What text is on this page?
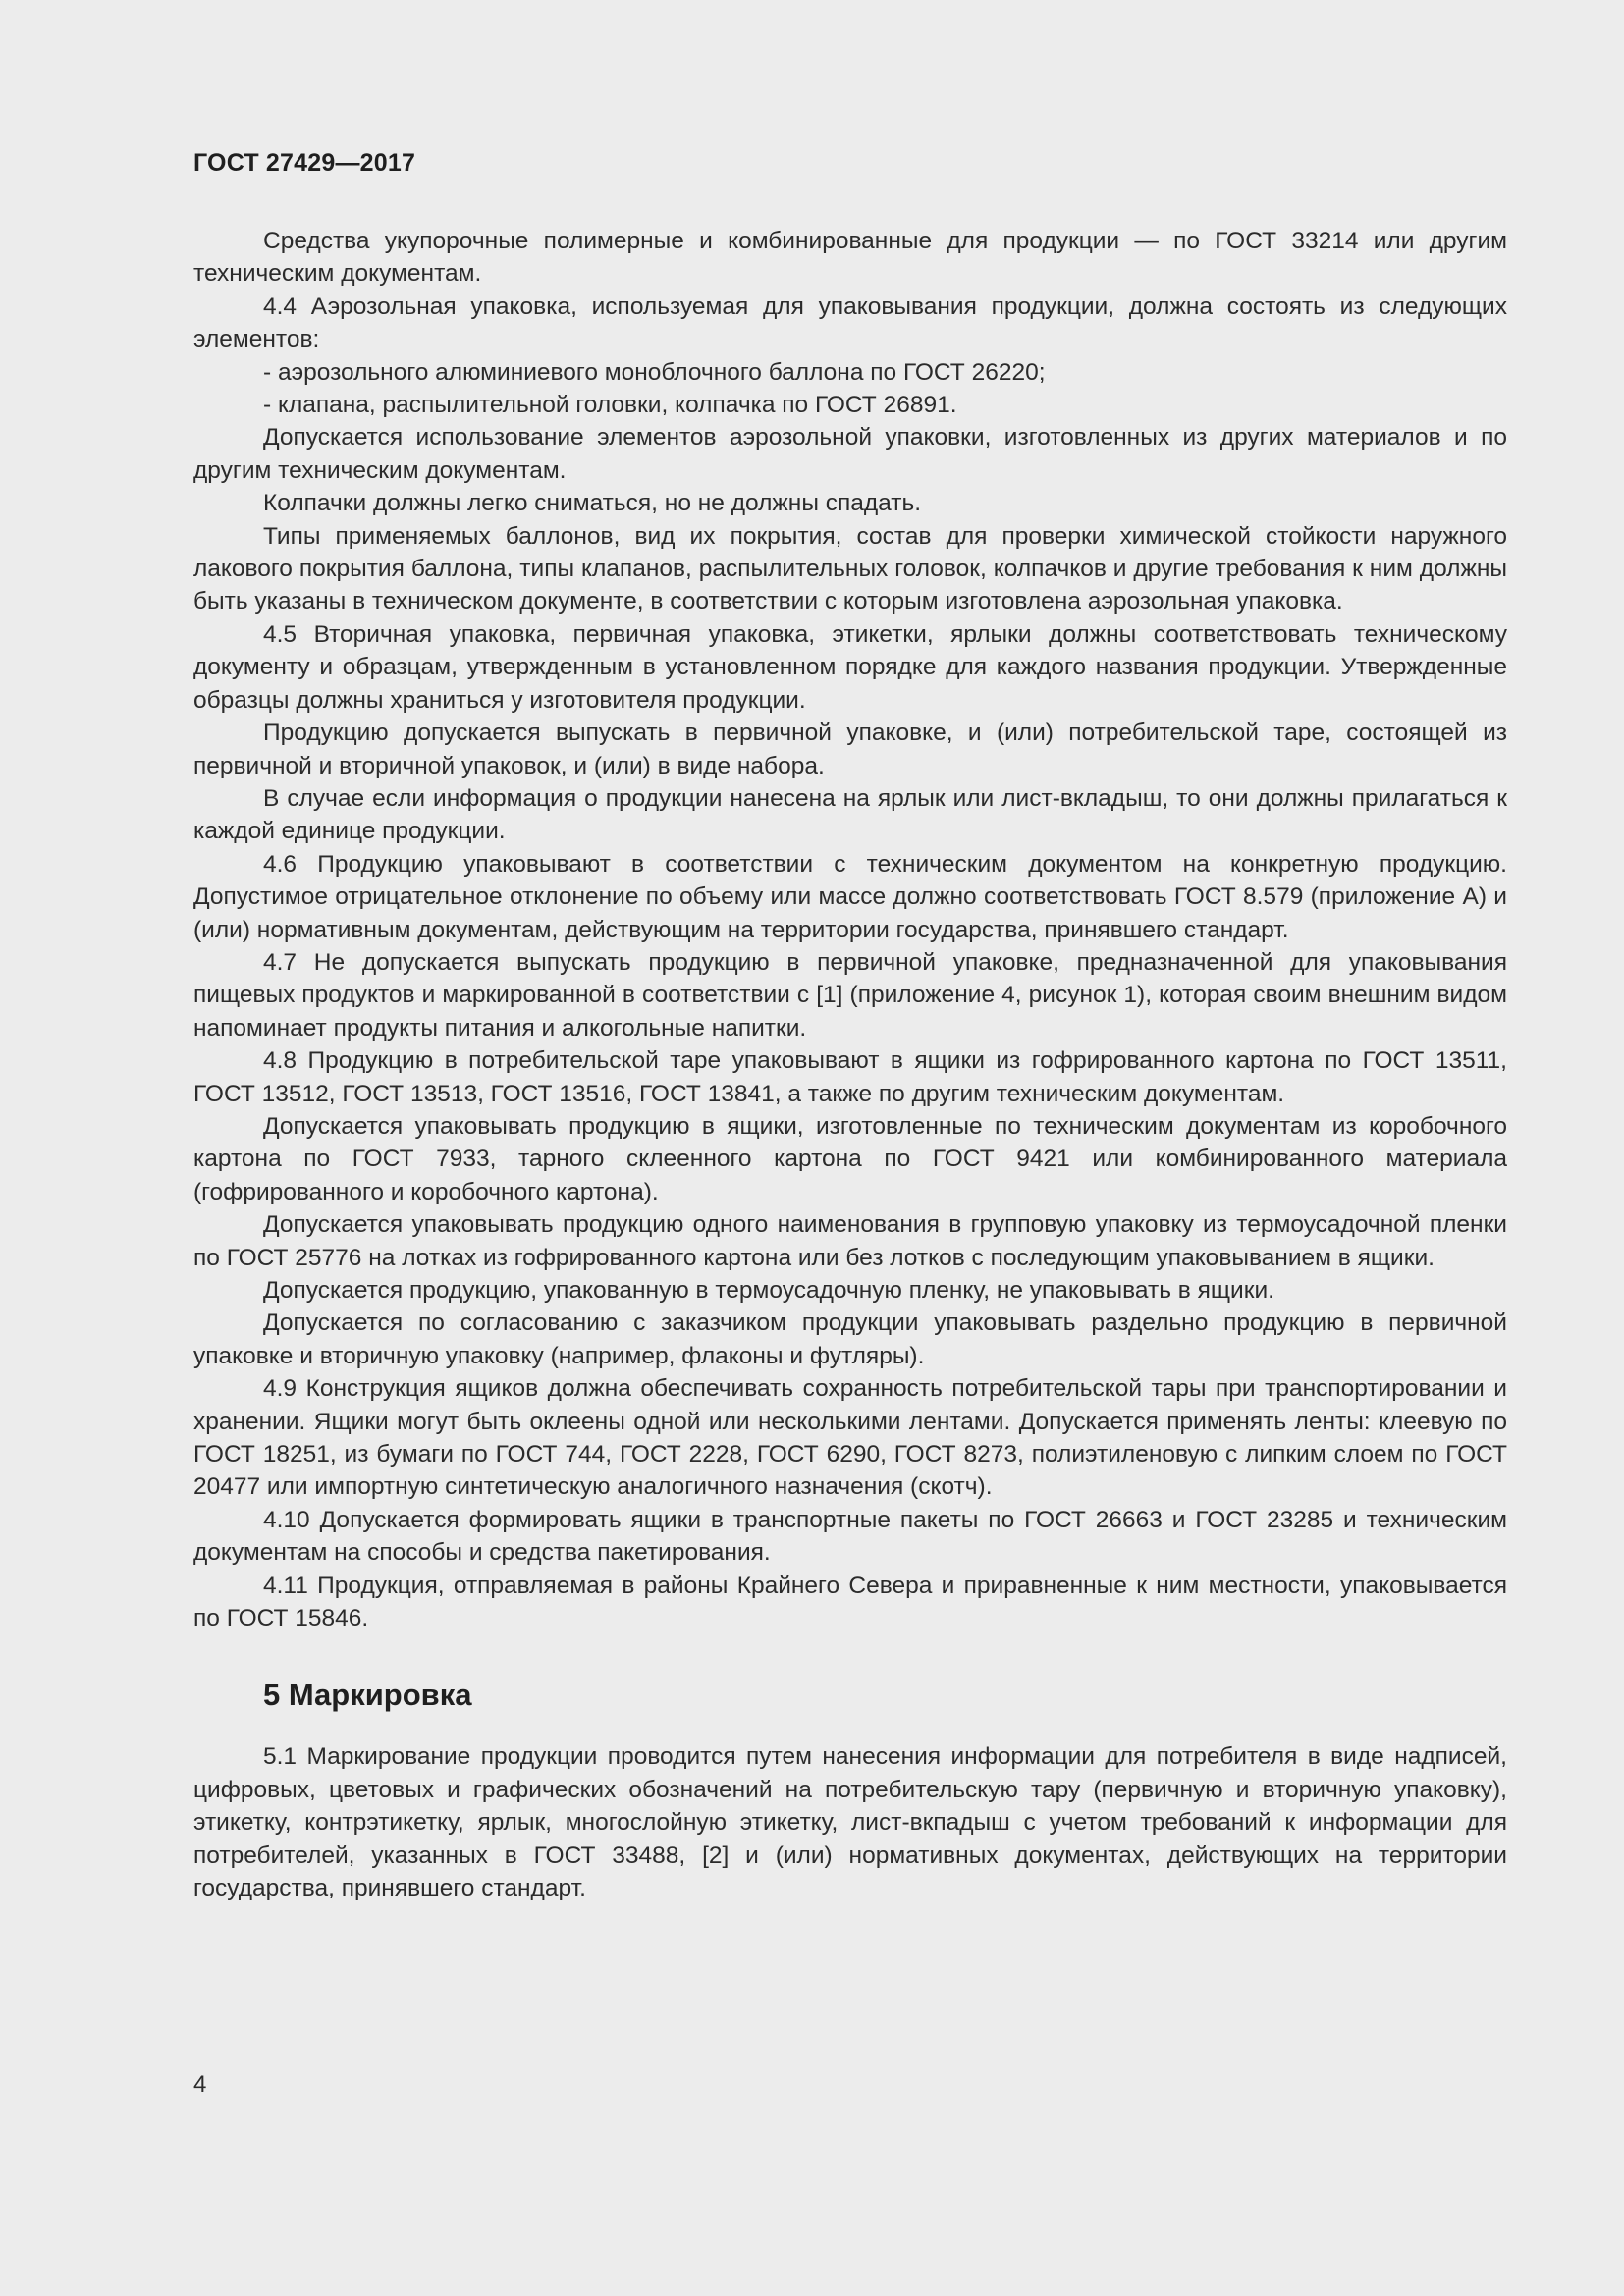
ГОСТ 27429—2017

Средства укупорочные полимерные и комбинированные для продукции — по ГОСТ 33214 или другим техническим документам.

4.4 Аэрозольная упаковка, используемая для упаковывания продукции, должна состоять из следующих элементов:

- аэрозольного алюминиевого моноблочного баллона по ГОСТ 26220;

- клапана, распылительной головки, колпачка по ГОСТ 26891.

Допускается использование элементов аэрозольной упаковки, изготовленных из других материалов и по другим техническим документам.

Колпачки должны легко сниматься, но не должны спадать.

Типы применяемых баллонов, вид их покрытия, состав для проверки химической стойкости наружного лакового покрытия баллона, типы клапанов, распылительных головок, колпачков и другие требования к ним должны быть указаны в техническом документе, в соответствии с которым изготовлена аэрозольная упаковка.

4.5 Вторичная упаковка, первичная упаковка, этикетки, ярлыки должны соответствовать техническому документу и образцам, утвержденным в установленном порядке для каждого названия продукции. Утвержденные образцы должны храниться у изготовителя продукции.

Продукцию допускается выпускать в первичной упаковке, и (или) потребительской таре, состоящей из первичной и вторичной упаковок, и (или) в виде набора.

В случае если информация о продукции нанесена на ярлык или лист-вкладыш, то они должны прилагаться к каждой единице продукции.

4.6 Продукцию упаковывают в соответствии с техническим документом на конкретную продукцию. Допустимое отрицательное отклонение по объему или массе должно соответствовать ГОСТ 8.579 (приложение А) и (или) нормативным документам, действующим на территории государства, принявшего стандарт.

4.7 Не допускается выпускать продукцию в первичной упаковке, предназначенной для упаковывания пищевых продуктов и маркированной в соответствии с [1] (приложение 4, рисунок 1), которая своим внешним видом напоминает продукты питания и алкогольные напитки.

4.8 Продукцию в потребительской таре упаковывают в ящики из гофрированного картона по ГОСТ 13511, ГОСТ 13512, ГОСТ 13513, ГОСТ 13516, ГОСТ 13841, а также по другим техническим документам.

Допускается упаковывать продукцию в ящики, изготовленные по техническим документам из коробочного картона по ГОСТ 7933, тарного склеенного картона по ГОСТ 9421 или комбинированного материала (гофрированного и коробочного картона).

Допускается упаковывать продукцию одного наименования в групповую упаковку из термоусадочной пленки по ГОСТ 25776 на лотках из гофрированного картона или без лотков с последующим упаковыванием в ящики.

Допускается продукцию, упакованную в термоусадочную пленку, не упаковывать в ящики.

Допускается по согласованию с заказчиком продукции упаковывать раздельно продукцию в первичной упаковке и вторичную упаковку (например, флаконы и футляры).

4.9 Конструкция ящиков должна обеспечивать сохранность потребительской тары при транспортировании и хранении. Ящики могут быть оклеены одной или несколькими лентами. Допускается применять ленты: клеевую по ГОСТ 18251, из бумаги по ГОСТ 744, ГОСТ 2228, ГОСТ 6290, ГОСТ 8273, полиэтиленовую с липким слоем по ГОСТ 20477 или импортную синтетическую аналогичного назначения (скотч).

4.10 Допускается формировать ящики в транспортные пакеты по ГОСТ 26663 и ГОСТ 23285 и техническим документам на способы и средства пакетирования.

4.11 Продукция, отправляемая в районы Крайнего Севера и приравненные к ним местности, упаковывается по ГОСТ 15846.

5 Маркировка

5.1 Маркирование продукции проводится путем нанесения информации для потребителя в виде надписей, цифровых, цветовых и графических обозначений на потребительскую тару (первичную и вторичную упаковку), этикетку, контрэтикетку, ярлык, многослойную этикетку, лист-вкпадыш с учетом требований к информации для потребителей, указанных в ГОСТ 33488, [2] и (или) нормативных документах, действующих на территории государства, принявшего стандарт.

4
